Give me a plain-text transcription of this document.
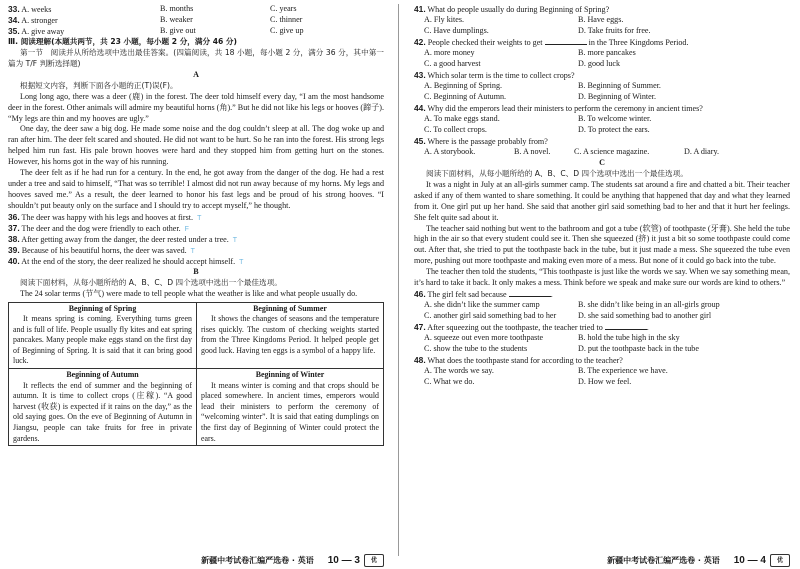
33. A. weeks	B. months	C. years
34. A. stronger	B. weaker	C. thinner
35. A. give away	B. give out	C. give up
Ⅲ. 阅读理解(本题共两节，共 23 小题，每小题 2 分，满分 46 分)

第一节　阅读并从所给选项中选出最佳答案。(四篇阅读，共 18 小题，每小题 2 分，满分 36 分，其中第一篇为 T/F 判断选择题)

A

根据短文内容，判断下面各小题的正(T)误(F)。

Long long ago, there was a deer (鹿) in the forest. The deer told himself every day, “I am the most handsome deer in the forest. Other animals will admire my beautiful horns (角).” But he did not like his legs or hooves (蹄子). “My legs are thin and my hooves are ugly.”

One day, the deer saw a big dog. He made some noise and the dog couldn’t sleep at all. The dog woke up and ran after him. The deer felt scared and shouted. He did not want to be hurt. So he ran into the forest. His strong legs helped him run fast. His pale brown hooves were hard and they stopped him from getting hurt on the stones. However, his horns got in the way of his running.

The deer felt as if he had run for a century. In the end, he got away from the danger of the dog. He had a rest under a tree and said to himself, “That was so terrible! I almost did not run away because of my horns. My legs and hooves saved me.” As a result, the deer learned to honor his fast legs and be proud of his strong hooves. “I shouldn’t put beauty only on the surface and I should try to accept myself,” he thought.

36. The deer was happy with his legs and hooves at first. T
37. The deer and the dog were friendly to each other. F
38. After getting away from the danger, the deer rested under a tree. T
39. Because of his beautiful horns, the deer was saved. T
40. At the end of the story, the deer realized he should accept himself. T
B

阅读下面材料，从每小题所给的 A、B、C、D 四个选项中选出一个最佳选项。

The 24 solar terms (节气) were made to tell people what the weather is like and what people usually do.

Beginning of Spring
It means spring is coming. Everything turns green and is full of life. People usually fly kites and eat spring pancakes. Many people make eggs stand on the first day of Beginning of Spring. It is said that it can bring good luck.
Beginning of Summer
It shows the changes of seasons and the temperature rises quickly. The custom of checking weights started from the Three Kingdoms Period. It helped people get good luck. Having ten eggs is a symbol of a happy life.
Beginning of Autumn
It reflects the end of summer and the beginning of autumn. It is time to collect crops (庄稼). “A good harvest (收获) is expected if it rains on the day,” as the old saying goes. On the eve of Beginning of Autumn in Jiangsu, people can take fruits for free in private gardens.
Beginning of Winter
It means winter is coming and that crops should be placed somewhere. In ancient times, emperors would lead their ministers to perform the ceremony of “welcoming winter”. It is said that eating dumplings on the first day of Beginning of Winter could protect the ears.
41. What do people usually do during Beginning of Spring?
A. Fly kites.	B. Have eggs.
C. Have dumplings.	D. Take fruits for free.
42. People checked their weights to get	in the Three Kingdoms Period.
A. more money	B. more pancakes
C. a good harvest	D. good luck
43. Which solar term is the time to collect crops?
A. Beginning of Spring.	B. Beginning of Summer.
C. Beginning of Autumn.	D. Beginning of Winter.
44. Why did the emperors lead their ministers to perform the ceremony in ancient times?
A. To make eggs stand.	B. To welcome winter.
C. To collect crops.	D. To protect the ears.
45. Where is the passage probably from?
A. A storybook.	B. A novel.	C. A science magazine.	D. A diary.
C

阅读下面材料，从每小题所给的 A、B、C、D 四个选项中选出一个最佳选项。

It was a night in July at an all-girls summer camp. The students sat around a fire and chatted a bit. Their teacher asked if any of them wanted to share something. It could be anything that happened that day and what they learned from it. One girl put up her hand. She said that another girl said something bad to her and that it hurt her feelings. She felt quite sad about it.

The teacher said nothing but went to the bathroom and got a tube (软管) of toothpaste (牙膏). She held the tube high in the air so that every student could see it. Then she squeezed (挤) it just a bit so some toothpaste could come out. After that, she tried to put the toothpaste back in the tube, but it just made a mess. She squeezed the tube even more, pushing out more toothpaste and making even more of a mess. But none of it could go back into the tube.

The teacher then told the students, “This toothpaste is just like the words we say. When we say something mean, it’s hard to take it back. It only makes a mess. Think before we speak and make sure our words are kind to others.”

46. The girl felt sad because	.
A. she didn’t like the summer camp	B. she didn’t like being in an all-girls group
C. another girl said something bad to her	D. she said something bad to another girl
47. After squeezing out the toothpaste, the teacher tried to	.
A. squeeze out even more toothpaste	B. hold the tube high in the sky
C. show the tube to the students	D. put the toothpaste back in the tube
48. What does the toothpaste stand for according to the teacher?
A. The words we say.	B. The experience we have.
C. What we do.	D. How we feel.
新疆中考试卷汇编严选卷 · 英语 10 — 3	优	新疆中考试卷汇编严选卷 · 英语 10 — 4	优
